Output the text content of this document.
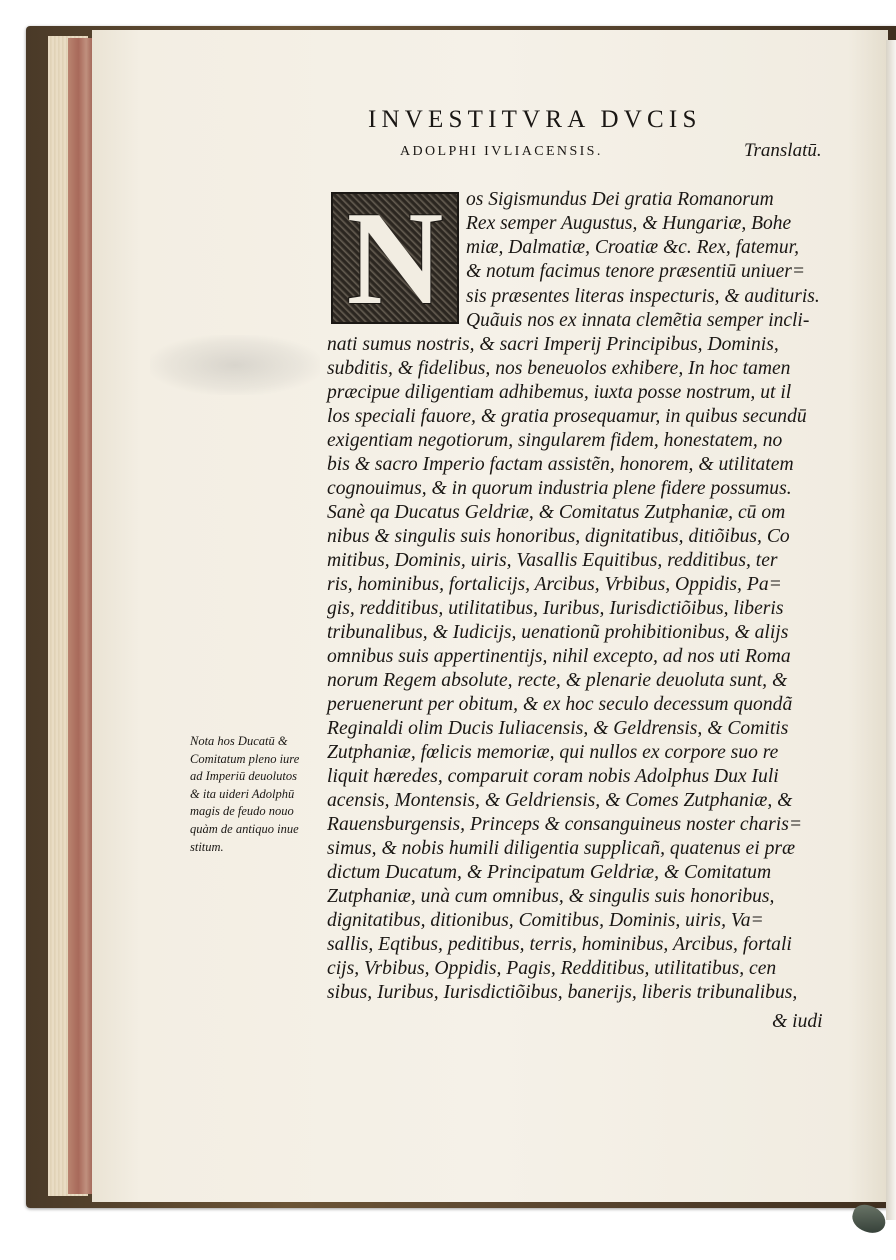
INVESTITVRA DVCIS
ADOLPHI IVLIACENSIS.	Translatū.
N	os Sigismundus Dei gratia Romanorum
Rex semper Augustus, & Hungariæ, Bohe
miæ, Dalmatiæ, Croatiæ &c. Rex, fatemur,
& notum facimus tenore præsentiū uniuer=
sis præsentes literas inspecturis, & audituris.
Quãuis nos ex innata clemẽtia semper incli-
nati sumus nostris, & sacri Imperij Principibus, Dominis,
subditis, & fidelibus, nos beneuolos exhibere, In hoc tamen
præcipue diligentiam adhibemus, iuxta posse nostrum, ut il
los speciali fauore, & gratia prosequamur, in quibus secundū
exigentiam negotiorum, singularem fidem, honestatem, no
bis & sacro Imperio factam assistẽn, honorem, & utilitatem
cognouimus, & in quorum industria plene fidere possumus.
Sanè qa Ducatus Geldriæ, & Comitatus Zutphaniæ, cū om
nibus & singulis suis honoribus, dignitatibus, ditiõibus, Co
mitibus, Dominis, uiris, Vasallis Equitibus, redditibus, ter
ris, hominibus, fortalicijs, Arcibus, Vrbibus, Oppidis, Pa=
gis, redditibus, utilitatibus, Iuribus, Iurisdictiõibus, liberis
tribunalibus, & Iudicijs, uenationũ prohibitionibus, & alijs
omnibus suis appertinentijs, nihil excepto, ad nos uti Roma
norum Regem absolute, recte, & plenarie deuoluta sunt, &
peruenerunt per obitum, & ex hoc seculo decessum quondã
Reginaldi olim Ducis Iuliacensis, & Geldrensis, & Comitis
Zutphaniæ, fœlicis memoriæ, qui nullos ex corpore suo re
liquit hæredes, comparuit coram nobis Adolphus Dux Iuli
acensis, Montensis, & Geldriensis, & Comes Zutphaniæ, &
Rauensburgensis, Princeps & consanguineus noster charis=
simus, & nobis humili diligentia supplicañ, quatenus ei præ
dictum Ducatum, & Principatum Geldriæ, & Comitatum
Zutphaniæ, unà cum omnibus, & singulis suis honoribus,
dignitatibus, ditionibus, Comitibus, Dominis, uiris, Va=
sallis, Eqtibus, peditibus, terris, hominibus, Arcibus, fortali
cijs, Vrbibus, Oppidis, Pagis, Redditibus, utilitatibus, cen
sibus, Iuribus, Iurisdictiõibus, banerijs, liberis tribunalibus,
& iudi
Nota hos Ducatū &
Comitatum pleno iure
ad Imperiū deuolutos
& ita uideri Adolphū
magis de feudo nouo
quàm de antiquo inue
stitum.
